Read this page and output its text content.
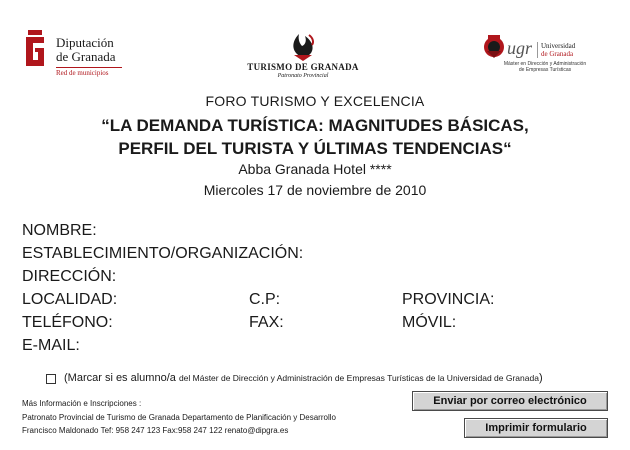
Diputación
de Granada
Red de municipios
TURISMO DE GRANADA
Patronato Provincial
ugr Universidad
de Granada
Máster en Dirección y Administración
de Empresas Turísticas
FORO TURISMO Y EXCELENCIA
“LA DEMANDA TURÍSTICA: MAGNITUDES BÁSICAS,
PERFIL DEL TURISTA Y ÚLTIMAS TENDENCIAS“
Abba Granada Hotel ****
Miercoles 17 de noviembre de 2010
NOMBRE:
ESTABLECIMIENTO/ORGANIZACIÓN:
DIRECCIÓN:
LOCALIDAD:	C.P:	PROVINCIA:
TELÉFONO:	FAX:	MÓVIL:
E-MAIL:
(Marcar si es alumno/a del Máster de Dirección y Administración de Empresas Turísticas de la Universidad de Granada)
Más Información e Inscripciones :
Patronato Provincial de Turismo de Granada Departamento de Planificación y Desarrollo
Francisco Maldonado Tef: 958 247 123 Fax:958 247 122 renato@dipgra.es
Enviar por correo electrónico
Imprimir formulario
